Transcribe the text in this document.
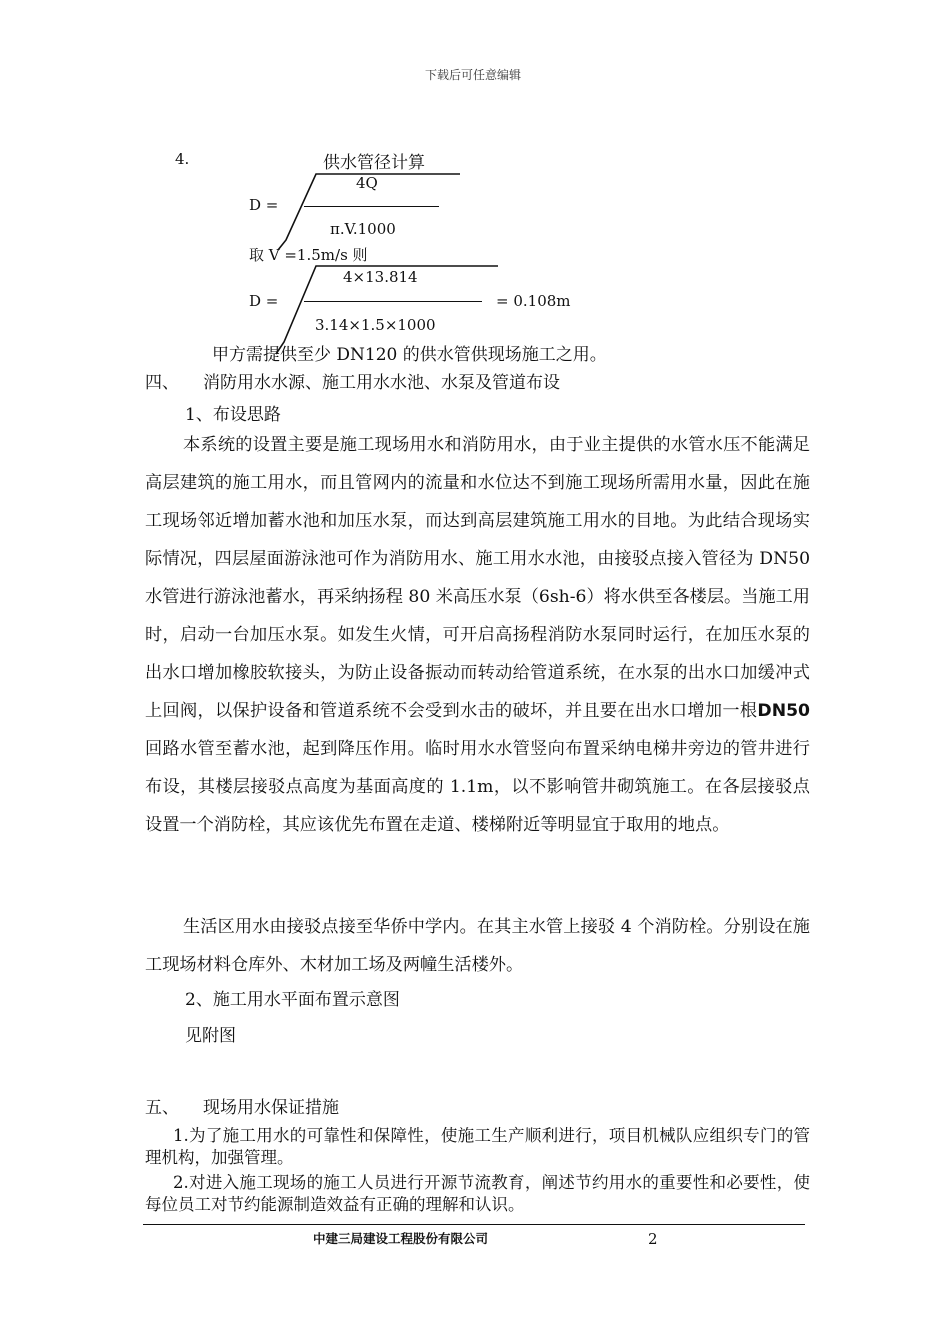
下载后可任意编辑
4.	供水管径计算
D =
4Q
π.V.1000
取 V =1.5m/s 则
4×13.814
D =	= 0.108m
3.14×1.5×1000
甲方需提供至少 DN120 的供水管供现场施工之用。
四、 消防用水水源、施工用水水池、水泵及管道布设
1、布设思路
本系统的设置主要是施工现场用水和消防用水，由于业主提供的水管水压不能满足高层建筑的施工用水，而且管网内的流量和水位达不到施工现场所需用水量，因此在施工现场邻近增加蓄水池和加压水泵，而达到高层建筑施工用水的目地。为此结合现场实际情况，四层屋面游泳池可作为消防用水、施工用水水池，由接驳点接入管径为 DN50 水管进行游泳池蓄水，再采纳扬程 80 米高压水泵（6sh-6）将水供至各楼层。当施工用时，启动一台加压水泵。如发生火情，可开启高扬程消防水泵同时运行，在加压水泵的出水口增加橡胶软接头，为防止设备振动而转动给管道系统，在水泵的出水口加缓冲式上回阀，以保护设备和管道系统不会受到水击的破坏，并且要在出水口增加一根DN50回路水管至蓄水池，起到降压作用。临时用水水管竖向布置采纳电梯井旁边的管井进行布设，其楼层接驳点高度为基面高度的 1.1m，以不影响管井砌筑施工。在各层接驳点设置一个消防栓，其应该优先布置在走道、楼梯附近等明显宜于取用的地点。
生活区用水由接驳点接至华侨中学内。在其主水管上接驳 4 个消防栓。分别设在施工现场材料仓库外、木材加工场及两幢生活楼外。
2、施工用水平面布置示意图
见附图
五、 现场用水保证措施
1.为了施工用水的可靠性和保障性，使施工生产顺利进行，项目机械队应组织专门的管理机构，加强管理。
2.对进入施工现场的施工人员进行开源节流教育，阐述节约用水的重要性和必要性，使每位员工对节约能源制造效益有正确的理解和认识。
中建三局建设工程股份有限公司	2
